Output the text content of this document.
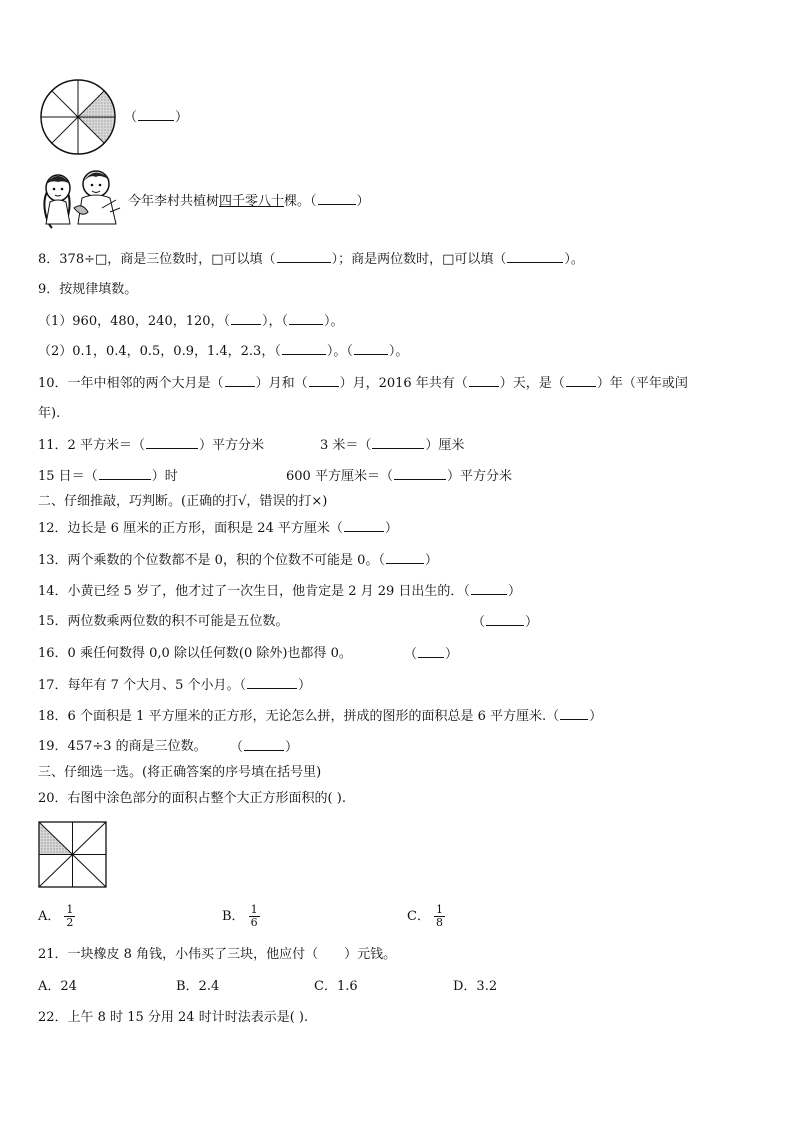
（	）
今年李村共植树四千零八十棵。（	）
8．378÷□，商是三位数时，□可以填（	）；商是两位数时，□可以填（	）。
9．按规律填数。
（1）960，480，240，120，（ ），（	）。
（2）0.1，0.4，0.5，0.9，1.4，2.3，（	）。（	）。
10．一年中相邻的两个大月是（ ）月和（ ）月，2016 年共有（ ）天，是（ ）年（平年或闰
年).
11．2 平方米＝（	）平方分米	3 米＝（	）厘米
15 日＝（	）时	600 平方厘米＝（	）平方分米
二、仔细推敲，巧判断。(正确的打√，错误的打×)
12．边长是 6 厘米的正方形，面积是 24 平方厘米（	）
13．两个乘数的个位数都不是 0，积的个位数不可能是 0。（	）
14．小黄已经 5 岁了，他才过了一次生日，他肯定是 2 月 29 日出生的．（	）
15．两位数乘两位数的积不可能是五位数。	（	）
16．0 乘任何数得 0,0 除以任何数(0 除外)也都得 0。	（ ）
17．每年有 7 个大月、5 个小月。（	）
18．6 个面积是 1 平方厘米的正方形，无论怎么拼，拼成的图形的面积总是 6 平方厘米.（ ）
19．457÷3 的商是三位数。 （	）
三、仔细选一选。(将正确答案的序号填在括号里)
20．右图中涂色部分的面积占整个大正方形面积的( ).
A． $\frac{1}{2}$	B． $\frac{1}{6}$	C． $\frac{1}{8}$
21．一块橡皮 8 角钱，小伟买了三块，他应付（　　）元钱。
A．24	B．2.4	C．1.6	D．3.2
22．上午 8 时 15 分用 24 时计时法表示是( ).
